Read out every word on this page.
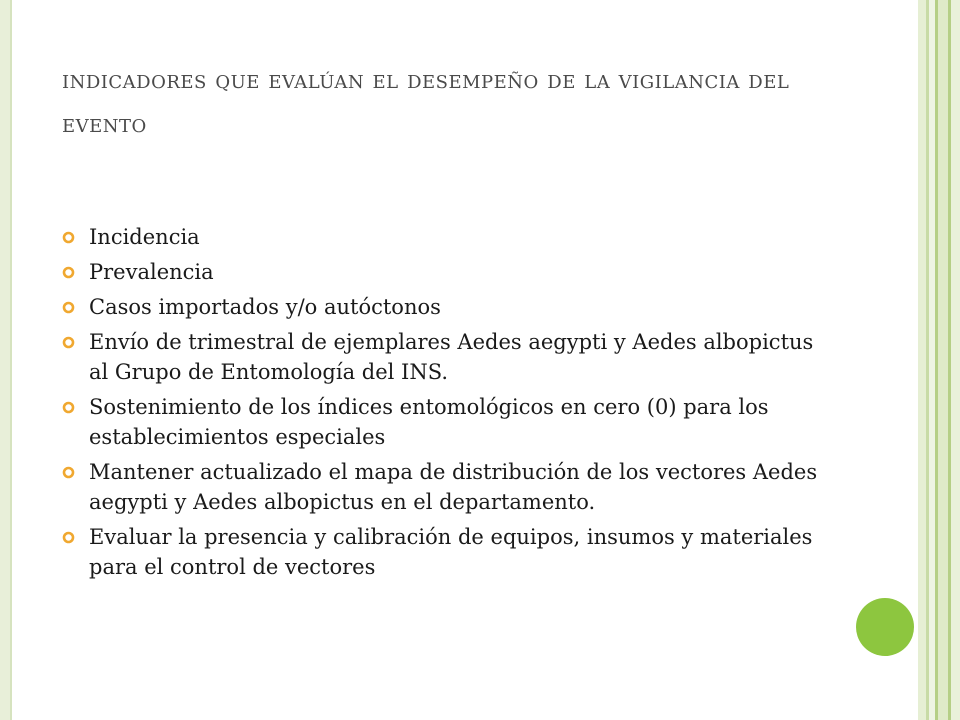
indicadores que evalúan el desempeño de la vigilancia del evento
Incidencia
Prevalencia
Casos importados y/o autóctonos
Envío de trimestral de ejemplares Aedes aegypti y Aedes albopictus al Grupo de Entomología del INS.
Sostenimiento de los índices entomológicos en cero (0) para los establecimientos especiales
Mantener actualizado el mapa de distribución de los vectores Aedes aegypti y Aedes albopictus en el departamento.
Evaluar la presencia y calibración de equipos, insumos y materiales para el control de vectores
